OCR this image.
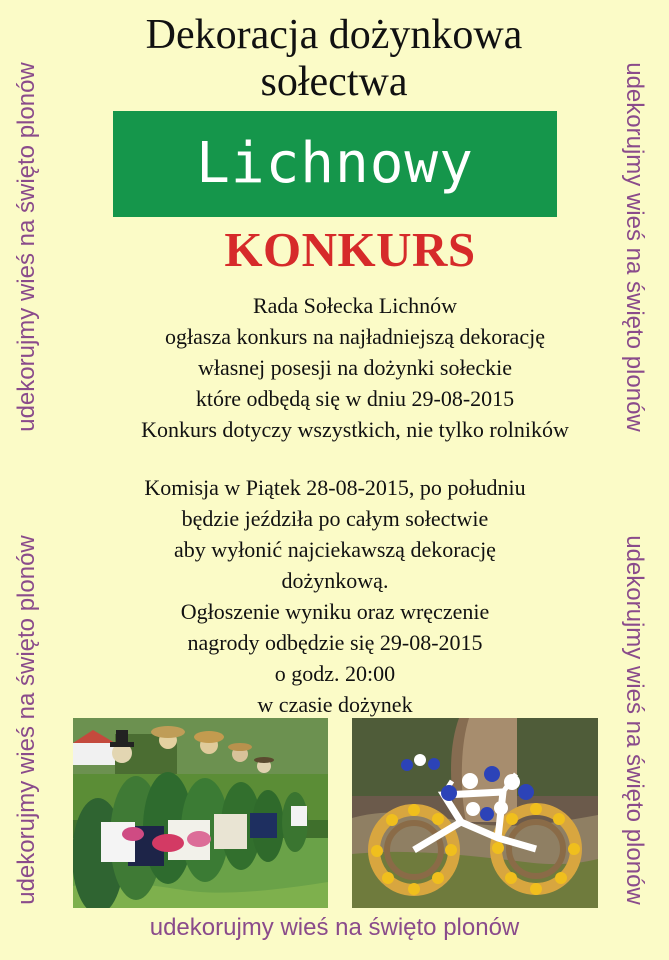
udekorujmy wieś na święto plonów
udekorujmy wieś na święto plonów
udekorujmy wieś na święto plonów
udekorujmy wieś na święto plonów
Dekoracja dożynkowa
sołectwa
Lichnowy
KONKURS
Rada Sołecka Lichnów
ogłasza konkurs na najładniejszą dekorację
własnej posesji na dożynki sołeckie
które odbędą się w dniu 29-08-2015
Konkurs dotyczy wszystkich, nie tylko rolników
Komisja w Piątek 28-08-2015, po południu
będzie jeździła po całym sołectwie
aby wyłonić najciekawszą dekorację
dożynkową.
Ogłoszenie wyniku oraz wręczenie
nagrody odbędzie się 29-08-2015
o godz. 20:00
w czasie dożynek
udekorujmy wieś na święto plonów
